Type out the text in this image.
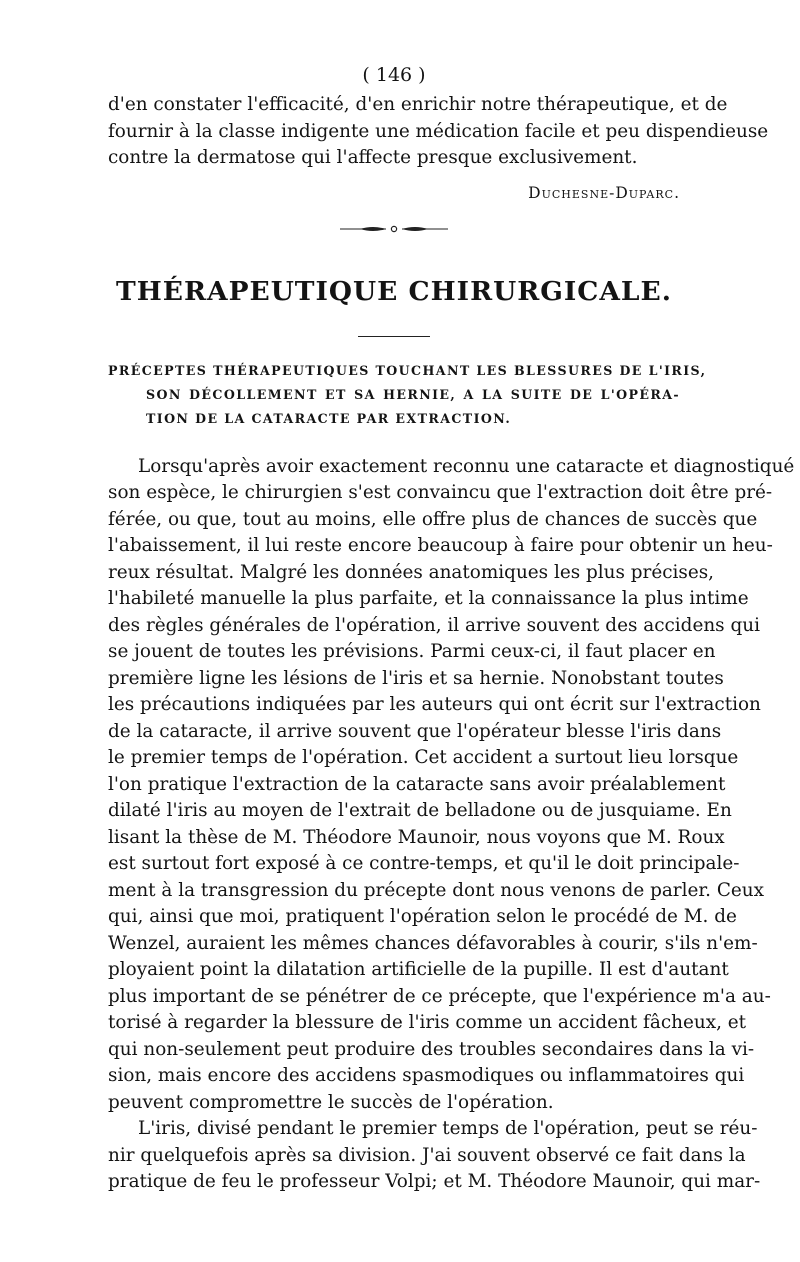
( 146 )
d'en constater l'efficacité, d'en enrichir notre thérapeutique, et de
fournir à la classe indigente une médication facile et peu dispendieuse
contre la dermatose qui l'affecte presque exclusivement.
Duchesne-Duparc.
THÉRAPEUTIQUE CHIRURGICALE.
PRÉCEPTES THÉRAPEUTIQUES TOUCHANT LES BLESSURES DE L'IRIS,
SON DÉCOLLEMENT ET SA HERNIE, A LA SUITE DE L'OPÉRA-
TION DE LA CATARACTE PAR EXTRACTION.
Lorsqu'après avoir exactement reconnu une cataracte et diagnostiqué
son espèce, le chirurgien s'est convaincu que l'extraction doit être pré-
férée, ou que, tout au moins, elle offre plus de chances de succès que
l'abaissement, il lui reste encore beaucoup à faire pour obtenir un heu-
reux résultat. Malgré les données anatomiques les plus précises,
l'habileté manuelle la plus parfaite, et la connaissance la plus intime
des règles générales de l'opération, il arrive souvent des accidens qui
se jouent de toutes les prévisions. Parmi ceux-ci, il faut placer en
première ligne les lésions de l'iris et sa hernie. Nonobstant toutes
les précautions indiquées par les auteurs qui ont écrit sur l'extraction
de la cataracte, il arrive souvent que l'opérateur blesse l'iris dans
le premier temps de l'opération. Cet accident a surtout lieu lorsque
l'on pratique l'extraction de la cataracte sans avoir préalablement
dilaté l'iris au moyen de l'extrait de belladone ou de jusquiame. En
lisant la thèse de M. Théodore Maunoir, nous voyons que M. Roux
est surtout fort exposé à ce contre-temps, et qu'il le doit principale-
ment à la transgression du précepte dont nous venons de parler. Ceux
qui, ainsi que moi, pratiquent l'opération selon le procédé de M. de
Wenzel, auraient les mêmes chances défavorables à courir, s'ils n'em-
ployaient point la dilatation artificielle de la pupille. Il est d'autant
plus important de se pénétrer de ce précepte, que l'expérience m'a au-
torisé à regarder la blessure de l'iris comme un accident fâcheux, et
qui non-seulement peut produire des troubles secondaires dans la vi-
sion, mais encore des accidens spasmodiques ou inflammatoires qui
peuvent compromettre le succès de l'opération.
L'iris, divisé pendant le premier temps de l'opération, peut se réu-
nir quelquefois après sa division. J'ai souvent observé ce fait dans la
pratique de feu le professeur Volpi; et M. Théodore Maunoir, qui mar-
